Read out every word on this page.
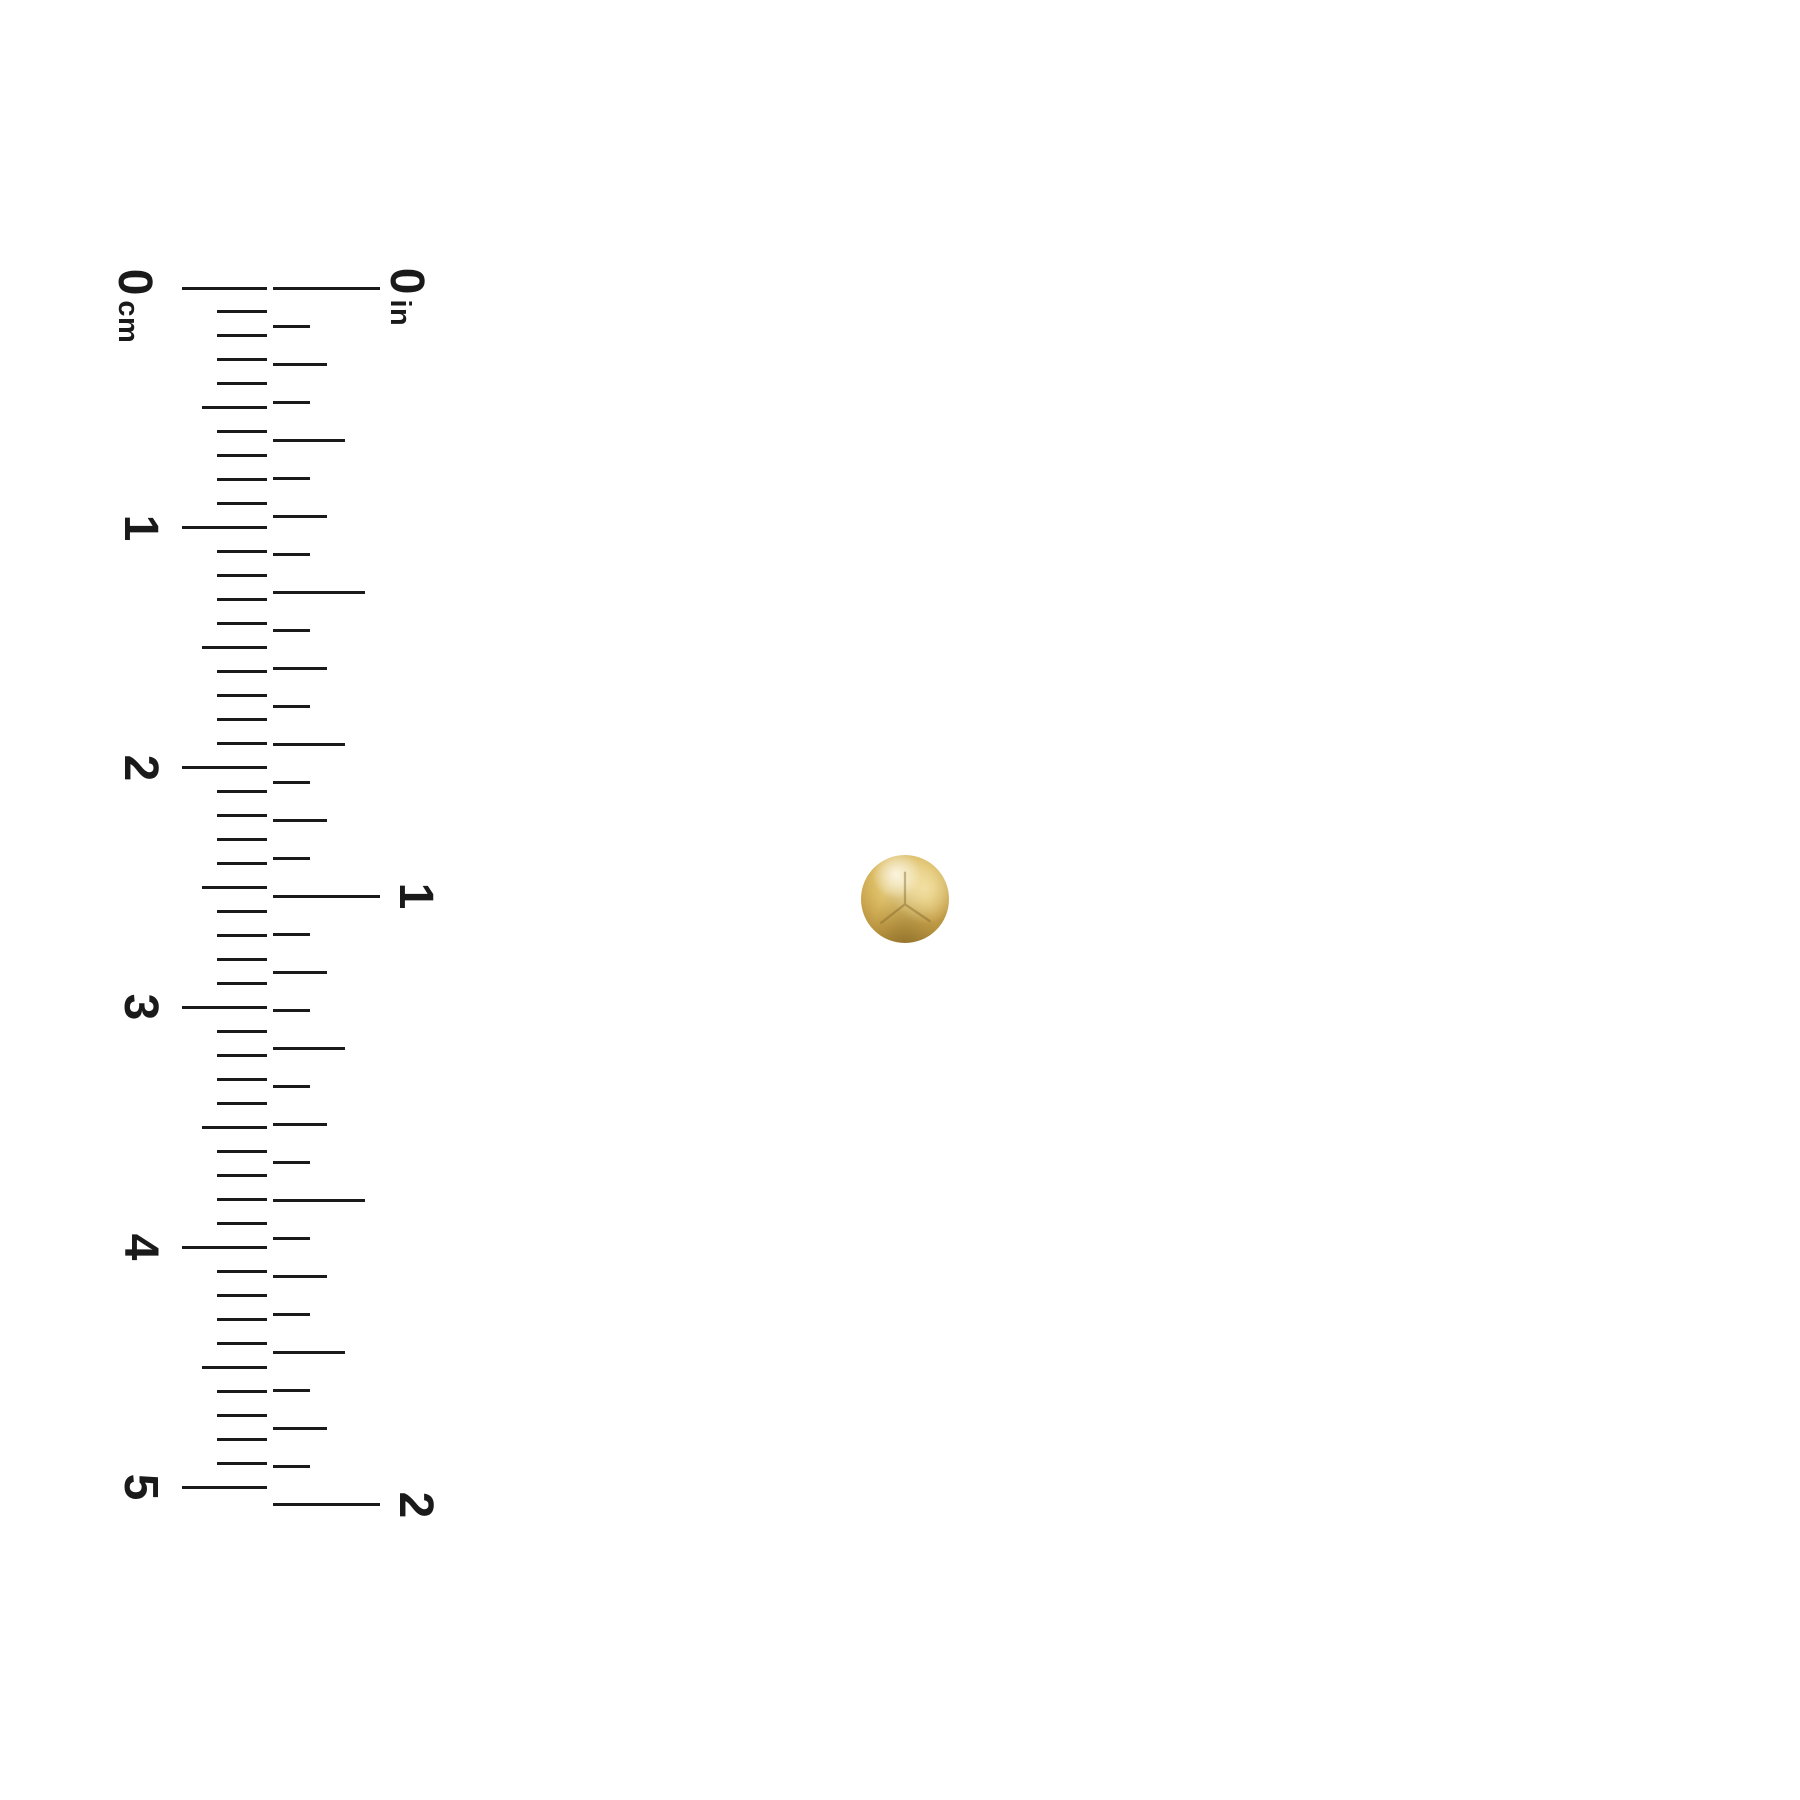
0
cm
1
2
3
4
5
0
in
1
2
